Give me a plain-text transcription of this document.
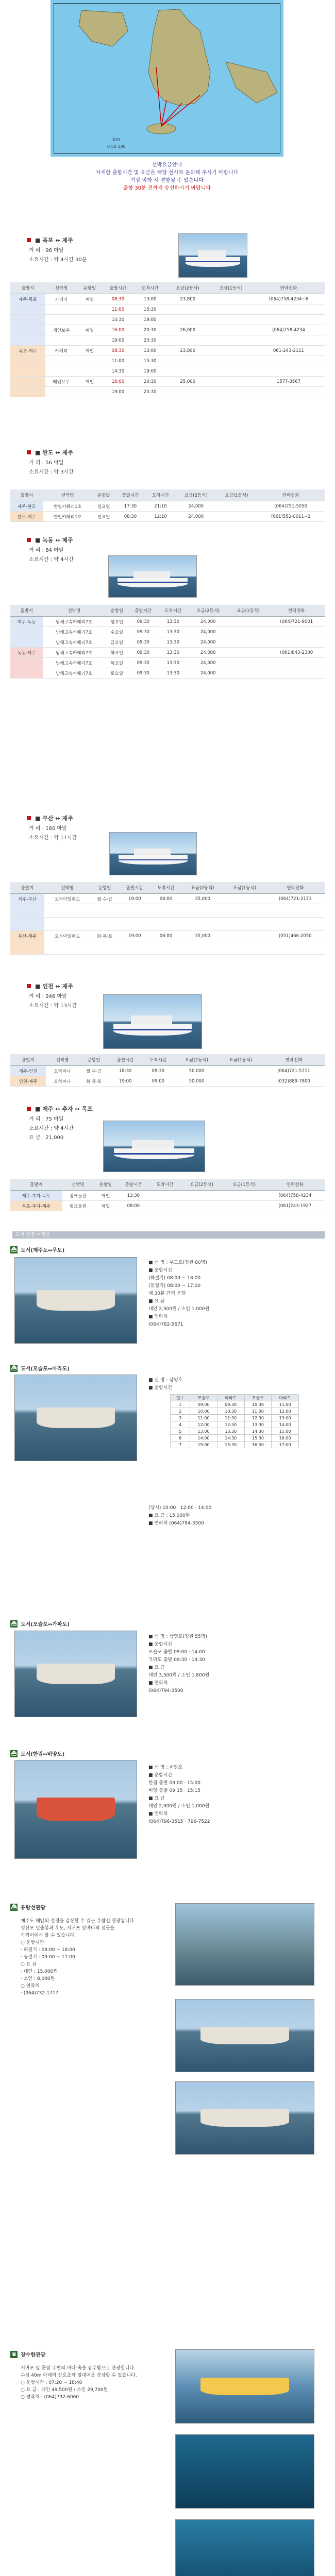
km
0 50 100

선박요금안내

자세한 출항시간 및 요금은 해당 선사로 문의해 주시기 바랍니다

기상 악화 시 결항될 수 있습니다

출항 30분 전까지 승선하시기 바랍니다

■ 목포 ↔ 제주
거 리 : 96 마일
소요시간 : 약 4시간 30분
출발지	선박명	운항일	출발시간	도착시간	요금(2등석)	요금(1등석)	연락전화
제주-목포	카페리	매일	08:30	13:00	23,800		(064)758-4234~6
			11:00	15:30			
			14:30	19:00			
	레인보우	매일	16:00	20:30	26,000		(064)758-4234
			19:00	23:30			
목포-제주	카페리	매일	08:30	13:00	23,800		061-243-2111
			11:00	15:30			
			14:30	19:00			
	레인보우	매일	16:00	20:30	25,000		1577-3567
			19:00	23:30			
■ 완도 ↔ 제주
거 리 : 56 마일
소요시간 : 약 3시간
출발지	선박명	운항일	출발시간	도착시간	요금(2등석)	요금(1등석)	연락전화
제주-완도	한일카훼리1호	일요일	17:30	21:10	24,000		(064)751-5050
완도-제주	한일카훼리1호	일요일	08:30	12:10	24,000		(061)552-0011~2
■ 녹동 ↔ 제주
거 리 : 84 마일
소요시간 : 약 4시간
출발지	선박명	운항일	출발시간	도착시간	요금(2등석)	요금(1등석)	연락전화
제주-녹동	남해고속카훼리7호	월요일	09:30	13:30	24,000		(064)721-9001
	남해고속카훼리7호	수요일	09:30	13:30	24,000		
	남해고속카훼리7호	금요일	09:30	13:30	24,000		
녹동-제주	남해고속카훼리7호	화요일	09:30	13:30	24,000		(061)843-2300
	남해고속카훼리7호	목요일	09:30	13:30	24,000		
	남해고속카훼리7호	토요일	09:30	13:30	24,000		
■ 부산 ↔ 제주
거 리 : 160 마일
소요시간 : 약 11시간
출발지	선박명	운항일	출발시간	도착시간	요금(2등석)	요금(1등석)	연락전화
제주-부산	코지아일랜드	월·수·금	19:00	06:00	35,000		(064)721-2173

부산-제주	코지아일랜드	화·목·토	19:00	06:00	35,000		(051)466-2050

■ 인천 ↔ 제주
거 리 : 246 마일
소요시간 : 약 13시간
출발지	선박명	운항일	출발시간	도착시간	요금(2등석)	요금(1등석)	연락전화
제주-인천	오하마나	월·수·금	18:30	09:30	50,000		(064)721-5711
인천-제주	오하마나	화·목·토	19:00	09:00	50,000		(032)889-7800
■ 제주 ↔ 추자 ↔ 목포
거 리 : 75 마일
소요시간 : 약 4시간
요 금 : 21,000
출발지	선박명	운항일	출발시간	도착시간	요금(2등석)	요금(1등석)	연락전화
제주-추자-목포	핑크돌핀	매일	13:30				(064)758-4234
목포-추자-제주	핑크돌핀	매일	08:00				(061)243-1927
도서 연결 여객선
⛴ 도서(제주도↔우도)

■ 선 명 : 우도호(정원 80명)

■ 운항시간

(하절기) 08:00 ~ 18:00

(동절기) 08:00 ~ 17:00

매 30분 간격 운항

■ 요 금

대인 2,500원 / 소인 1,000원

■ 연락처

(064)782-5671

⛴ 도서(모슬포↔마라도)

■ 선 명 : 삼영호

■ 운항시간

편수	모슬포	마라도	모슬포	마라도
1	09:00	09:30	10:30	11:00
2	10:00	10:30	11:30	12:00
3	11:00	11:30	12:30	13:00
4	12:00	12:30	13:30	14:00
5	13:00	13:30	14:30	15:00
6	14:00	14:30	15:30	16:00
7	15:00	15:30	16:30	17:00

(상시) 10:00 · 12:00 · 14:00

■ 요 금 : 15,000원

■ 연락처 (064)794-3500

⛴ 도서(모슬포↔가파도)

■ 선 명 : 삼영호(정원 55명)

■ 운항시간

모슬포 출발 09:00 · 14:00

가파도 출발 09:30 · 14:30

■ 요 금

대인 3,500원 / 소인 1,800원

■ 연락처

(064)794-3500

⛴ 도서(한림↔비양도)

■ 선 명 : 비양호

■ 운항시간

한림 출발 09:00 · 15:00

비양 출발 09:15 · 15:15

■ 요 금

대인 2,000원 / 소인 1,000원

■ 연락처

(064)796-3515 · 796-7522

⛴ 유람선관광

제주도 해안의 절경을 감상할 수 있는 유람선 관광입니다.

성산포 일출봉과 우도, 서귀포 앞바다의 섬들을

가까이에서 볼 수 있습니다.

○ 운항시간

· 하절기 : 09:00 ~ 18:00

· 동절기 : 09:00 ~ 17:00

○ 요 금

· 대인 : 15,000원

· 소인 : 8,000원

○ 연락처

· (064)732-1717

▣ 잠수함관광

서귀포 앞 문섬 주변의 바다 속을 잠수함으로 관광합니다.

수심 40m 아래의 산호초와 열대어를 감상할 수 있습니다.

○ 운항시간 : 07:20 ~ 18:40

○ 요 금 : 대인 49,500원 / 소인 29,700원

○ 연락처 : (064)732-6060
